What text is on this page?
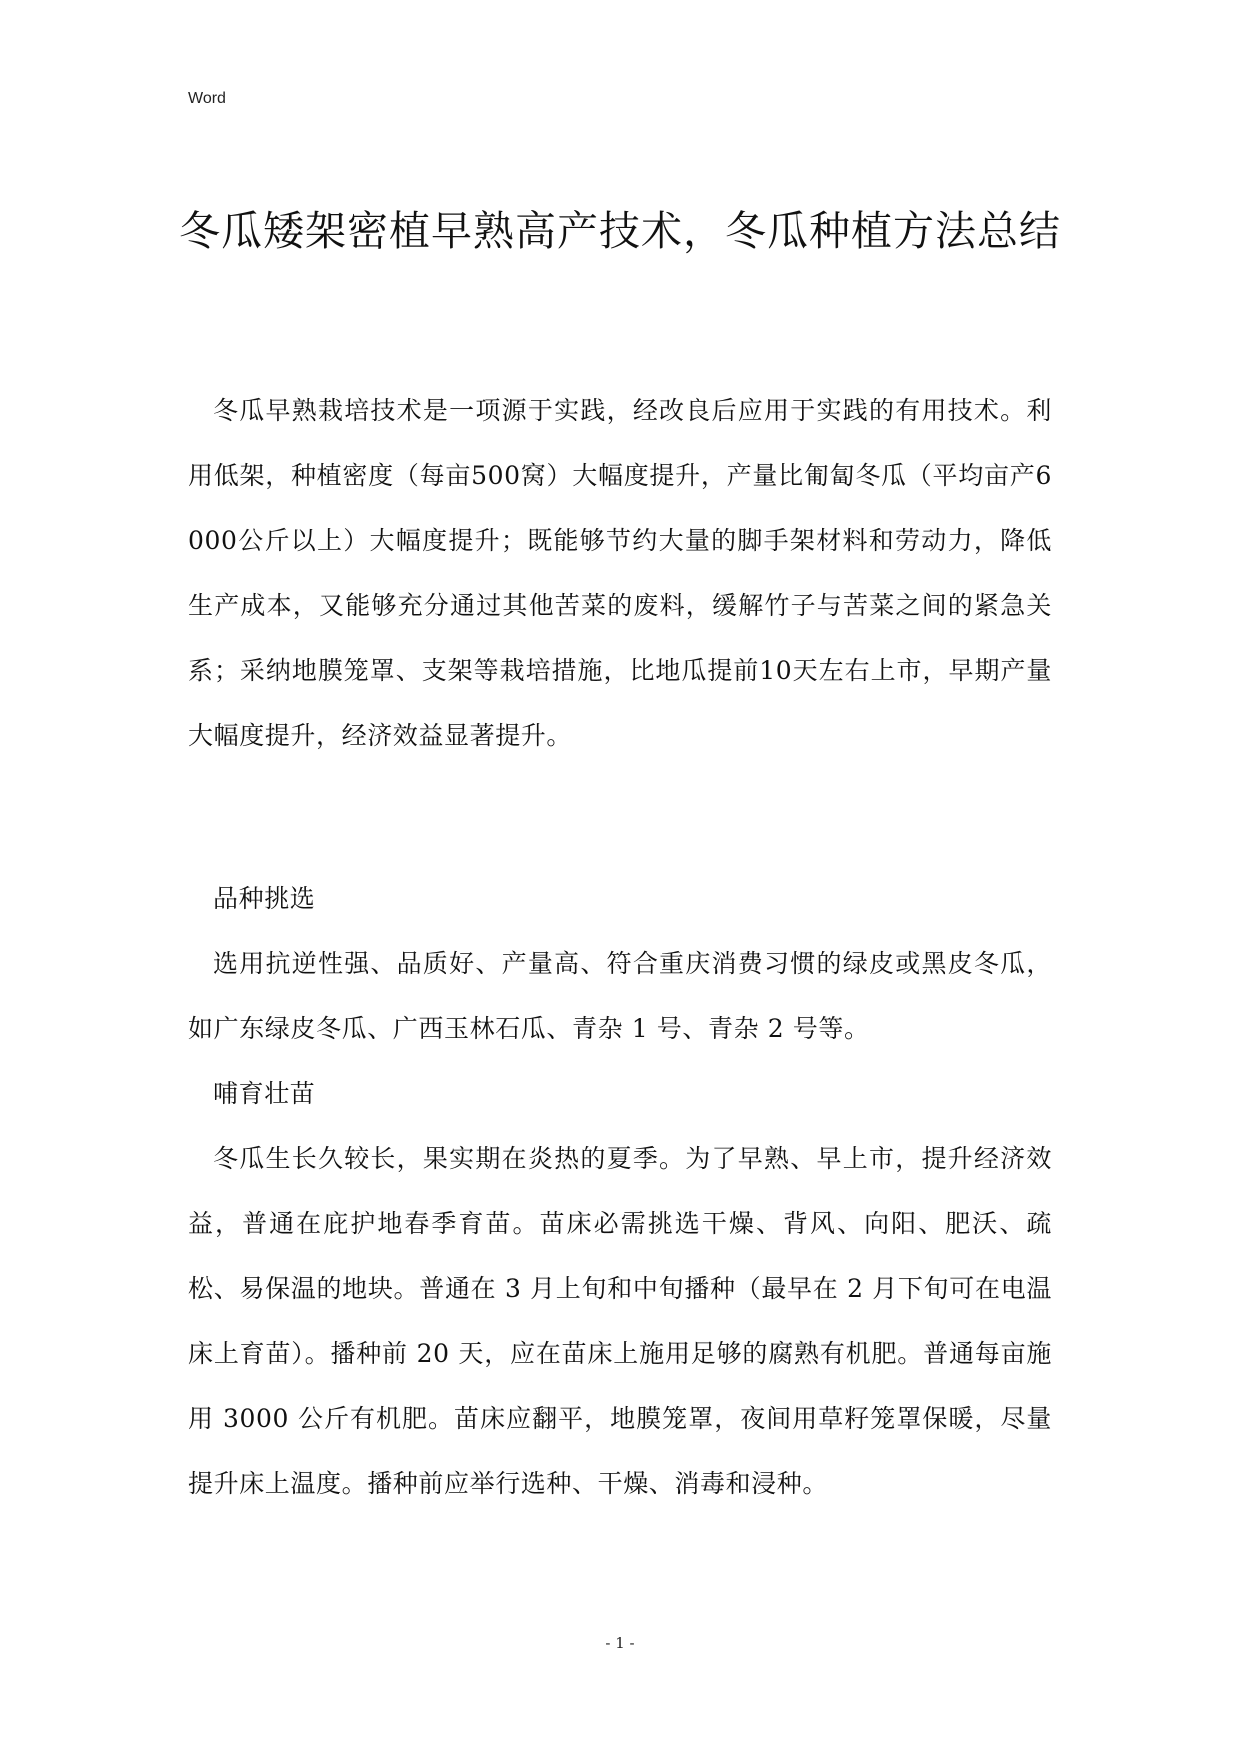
Word
冬瓜矮架密植早熟高产技术，冬瓜种植方法总结

冬瓜早熟栽培技术是一项源于实践，经改良后应用于实践的有用技术。利用低架，种植密度（每亩500窝）大幅度提升，产量比匍匐冬瓜（平均亩产6000公斤以上）大幅度提升；既能够节约大量的脚手架材料和劳动力，降低生产成本，又能够充分通过其他苦菜的废料，缓解竹子与苦菜之间的紧急关系；采纳地膜笼罩、支架等栽培措施，比地瓜提前10天左右上市，早期产量大幅度提升，经济效益显著提升。

品种挑选

选用抗逆性强、品质好、产量高、符合重庆消费习惯的绿皮或黑皮冬瓜，如广东绿皮冬瓜、广西玉林石瓜、青杂 1 号、青杂 2 号等。

哺育壮苗

冬瓜生长久较长，果实期在炎热的夏季。为了早熟、早上市，提升经济效益，普通在庇护地春季育苗。苗床必需挑选干燥、背风、向阳、肥沃、疏松、易保温的地块。普通在 3 月上旬和中旬播种（最早在 2 月下旬可在电温床上育苗）。播种前 20 天，应在苗床上施用足够的腐熟有机肥。普通每亩施用 3000 公斤有机肥。苗床应翻平，地膜笼罩，夜间用草籽笼罩保暖，尽量提升床上温度。播种前应举行选种、干燥、消毒和浸种。

- 1 -
